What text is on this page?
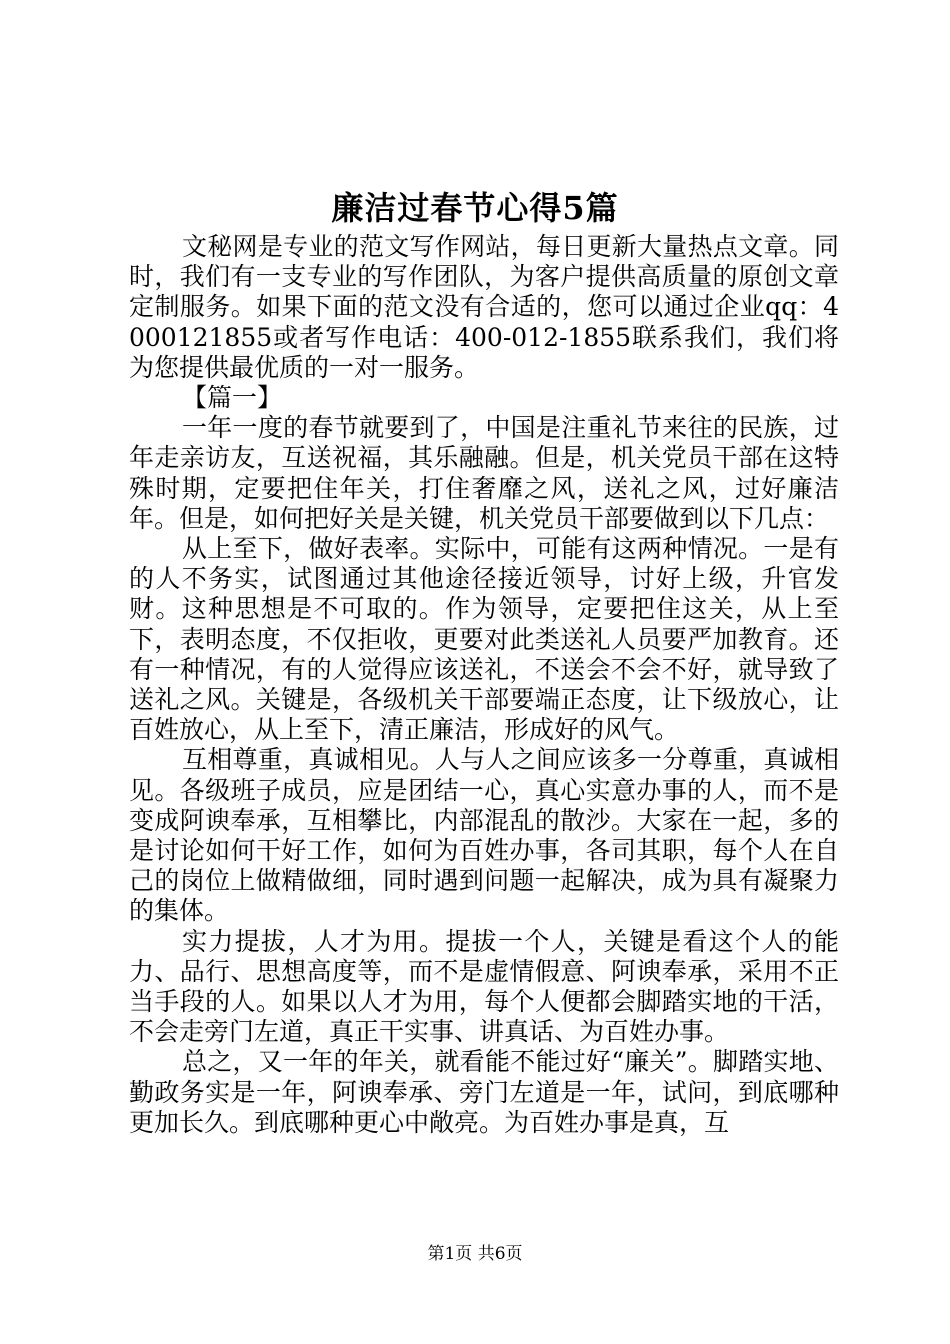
廉洁过春节心得5篇

文秘网是专业的范文写作网站，每日更新大量热点文章。同时，我们有一支专业的写作团队，为客户提供高质量的原创文章定制服务。如果下面的范文没有合适的，您可以通过企业qq：4000121855或者写作电话：400-012-1855联系我们，我们将为您提供最优质的一对一服务。

【篇一】

一年一度的春节就要到了，中国是注重礼节来往的民族，过年走亲访友，互送祝福，其乐融融。但是，机关党员干部在这特殊时期，定要把住年关，打住奢靡之风，送礼之风，过好廉洁年。但是，如何把好关是关键，机关党员干部要做到以下几点：

从上至下，做好表率。实际中，可能有这两种情况。一是有的人不务实，试图通过其他途径接近领导，讨好上级，升官发财。这种思想是不可取的。作为领导，定要把住这关，从上至下，表明态度，不仅拒收，更要对此类送礼人员要严加教育。还有一种情况，有的人觉得应该送礼，不送会不会不好，就导致了送礼之风。关键是，各级机关干部要端正态度，让下级放心，让百姓放心，从上至下，清正廉洁，形成好的风气。

互相尊重，真诚相见。人与人之间应该多一分尊重，真诚相见。各级班子成员，应是团结一心，真心实意办事的人，而不是变成阿谀奉承，互相攀比，内部混乱的散沙。大家在一起，多的是讨论如何干好工作，如何为百姓办事，各司其职，每个人在自己的岗位上做精做细，同时遇到问题一起解决，成为具有凝聚力的集体。

实力提拔，人才为用。提拔一个人，关键是看这个人的能力、品行、思想高度等，而不是虚情假意、阿谀奉承，采用不正当手段的人。如果以人才为用，每个人便都会脚踏实地的干活，不会走旁门左道，真正干实事、讲真话、为百姓办事。

总之，又一年的年关，就看能不能过好“廉关”。脚踏实地、勤政务实是一年，阿谀奉承、旁门左道是一年，试问，到底哪种更加长久。到底哪种更心中敞亮。为百姓办事是真，互

第1页 共6页
